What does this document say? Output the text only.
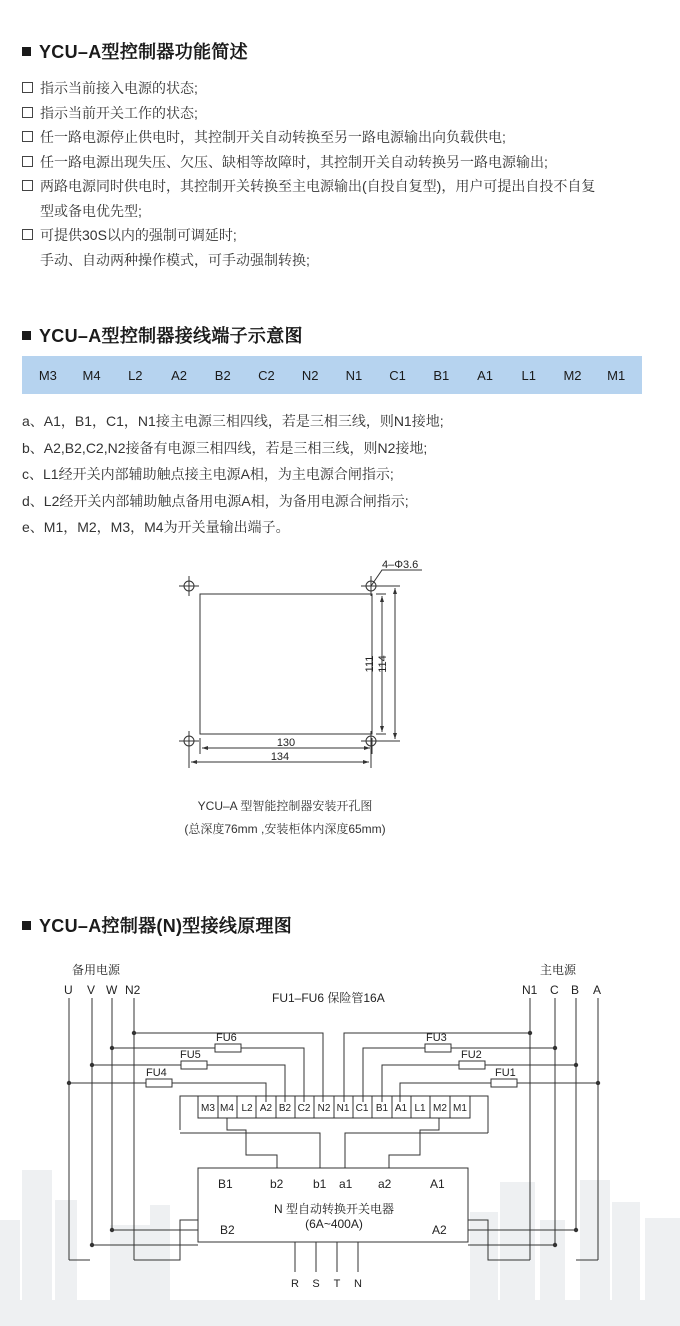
YCU–A型控制器功能简述
指示当前接入电源的状态;
指示当前开关工作的状态;
任一路电源停止供电时，其控制开关自动转换至另一路电源输出向负载供电;
任一路电源出现失压、欠压、缺相等故障时，其控制开关自动转换另一路电源输出;
两路电源同时供电时，其控制开关转换至主电源输出(自投自复型)，用户可提出自投不自复
型或备电优先型;
可提供30S以内的强制可调延时;
手动、自动两种操作模式，可手动强制转换;
YCU–A型控制器接线端子示意图
M3	M4	L2	A2	B2	C2	N2	N1	C1	B1	A1	L1	M2	M1
a、A1，B1，C1，N1接主电源三相四线，若是三相三线，则N1接地;
b、A2,B2,C2,N2接备有电源三相四线，若是三相三线，则N2接地;
c、L1经开关内部辅助触点接主电源A相，为主电源合闸指示;
d、L2经开关内部辅助触点备用电源A相，为备用电源合闸指示;
e、M1，M2，M3，M4为开关量输出端子。
4–Φ3.6
130
134
111 114
YCU–A 型智能控制器安装开孔图
(总深度76mm ,安装柜体内深度65mm)
YCU–A控制器(N)型接线原理图
备用电源	主电源
U V W N2	N1 C B A
FU1–FU6 保险管16A
FU6
FU5
FU4
FU3
FU2
FU1
M3 M4 L2 A2 B2 C2 N2 N1 C1 B1 A1 L1 M2 M1
B1	b2 b1 a1 a2	A1
B2	A2
N 型自动转换开关电器
(6A~400A)
R S T N
